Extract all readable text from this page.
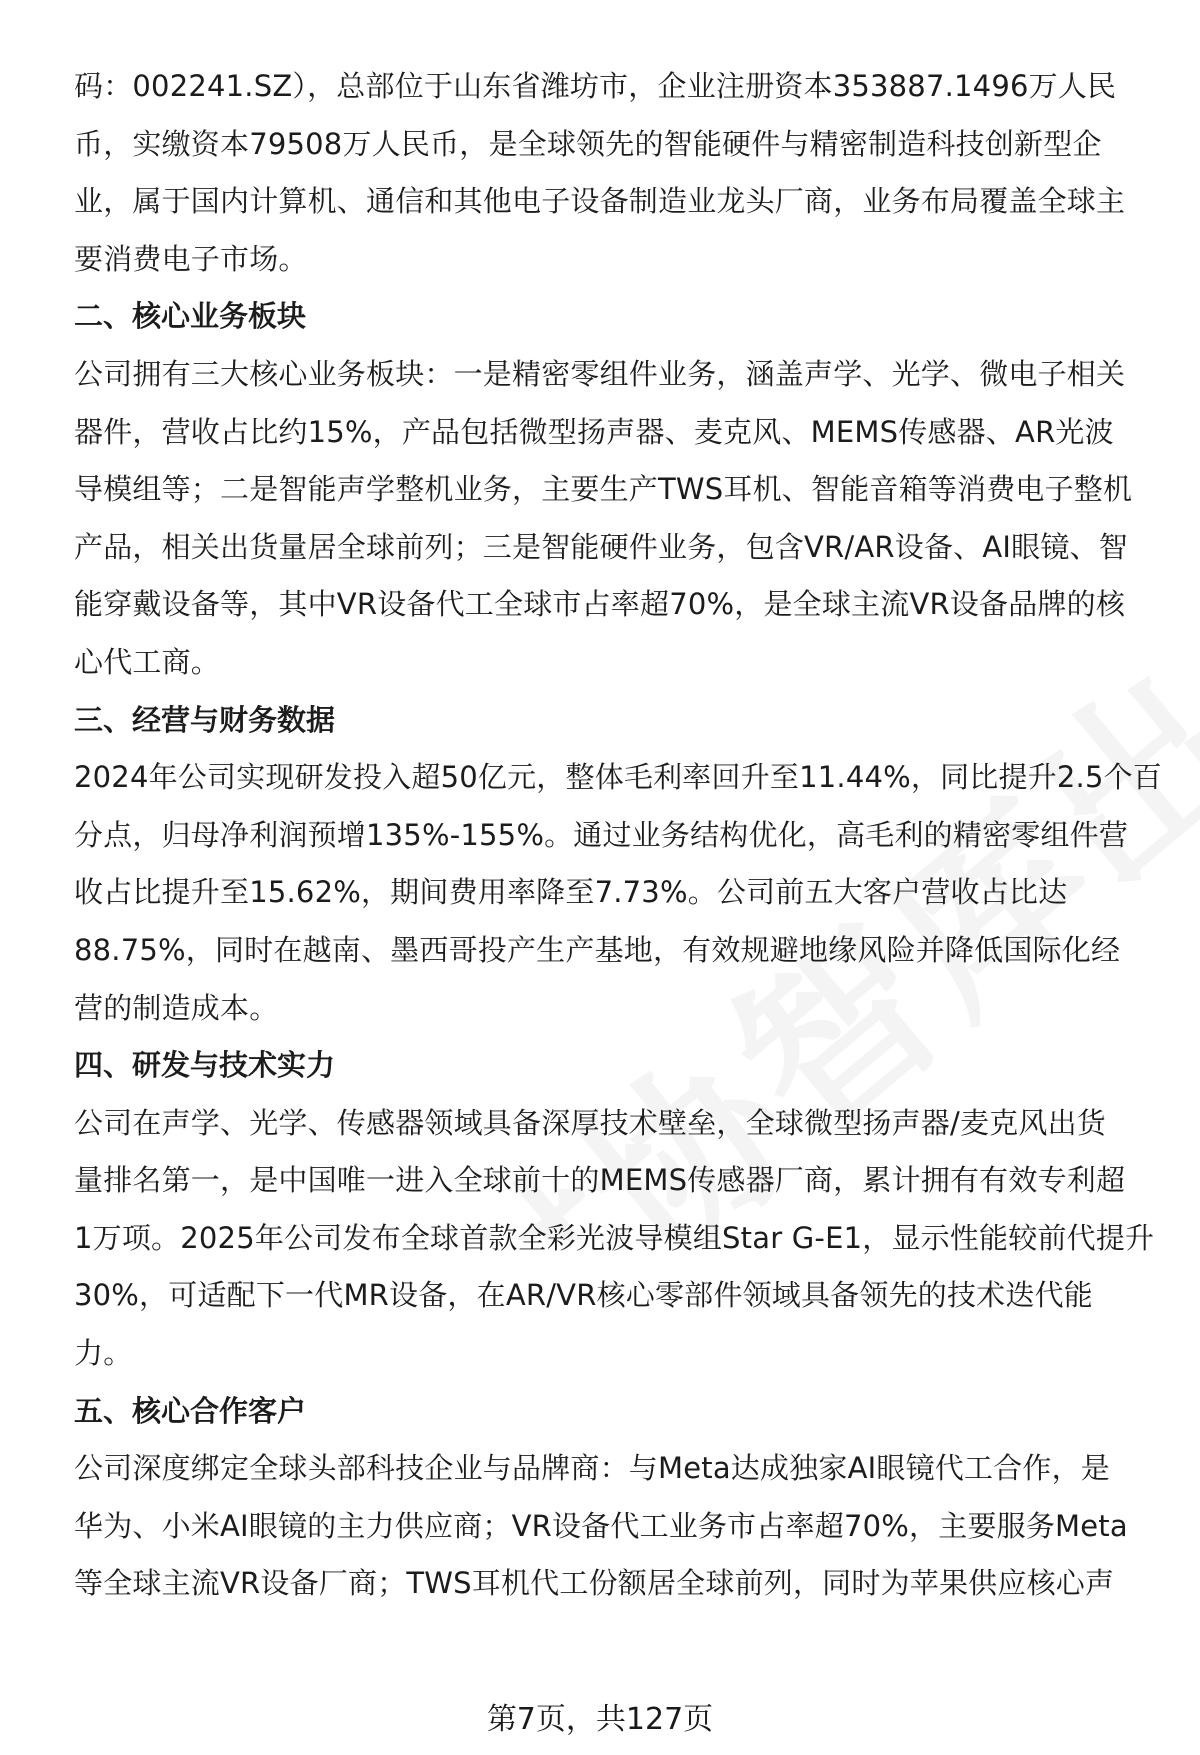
码：002241.SZ），总部位于山东省潍坊市，企业注册资本353887.1496万人民
币，实缴资本79508万人民币，是全球领先的智能硬件与精密制造科技创新型企
业，属于国内计算机、通信和其他电子设备制造业龙头厂商，业务布局覆盖全球主
要消费电子市场。

二、核心业务板块

公司拥有三大核心业务板块：一是精密零组件业务，涵盖声学、光学、微电子相关
器件，营收占比约15%，产品包括微型扬声器、麦克风、MEMS传感器、AR光波
导模组等；二是智能声学整机业务，主要生产TWS耳机、智能音箱等消费电子整机
产品，相关出货量居全球前列；三是智能硬件业务，包含VR/AR设备、AI眼镜、智
能穿戴设备等，其中VR设备代工全球市占率超70%，是全球主流VR设备品牌的核
心代工商。

三、经营与财务数据

2024年公司实现研发投入超50亿元，整体毛利率回升至11.44%，同比提升2.5个百
分点，归母净利润预增135%-155%。通过业务结构优化，高毛利的精密零组件营
收占比提升至15.62%，期间费用率降至7.73%。公司前五大客户营收占比达
88.75%，同时在越南、墨西哥投产生产基地，有效规避地缘风险并降低国际化经
营的制造成本。

四、研发与技术实力

公司在声学、光学、传感器领域具备深厚技术壁垒，全球微型扬声器/麦克风出货
量排名第一，是中国唯一进入全球前十的MEMS传感器厂商，累计拥有有效专利超
1万项。2025年公司发布全球首款全彩光波导模组Star G-E1，显示性能较前代提升
30%，可适配下一代MR设备，在AR/VR核心零部件领域具备领先的技术迭代能
力。

五、核心合作客户

公司深度绑定全球头部科技企业与品牌商：与Meta达成独家AI眼镜代工合作，是
华为、小米AI眼镜的主力供应商；VR设备代工业务市占率超70%，主要服务Meta
等全球主流VR设备厂商；TWS耳机代工份额居全球前列，同时为苹果供应核心声

第7页，共127页
